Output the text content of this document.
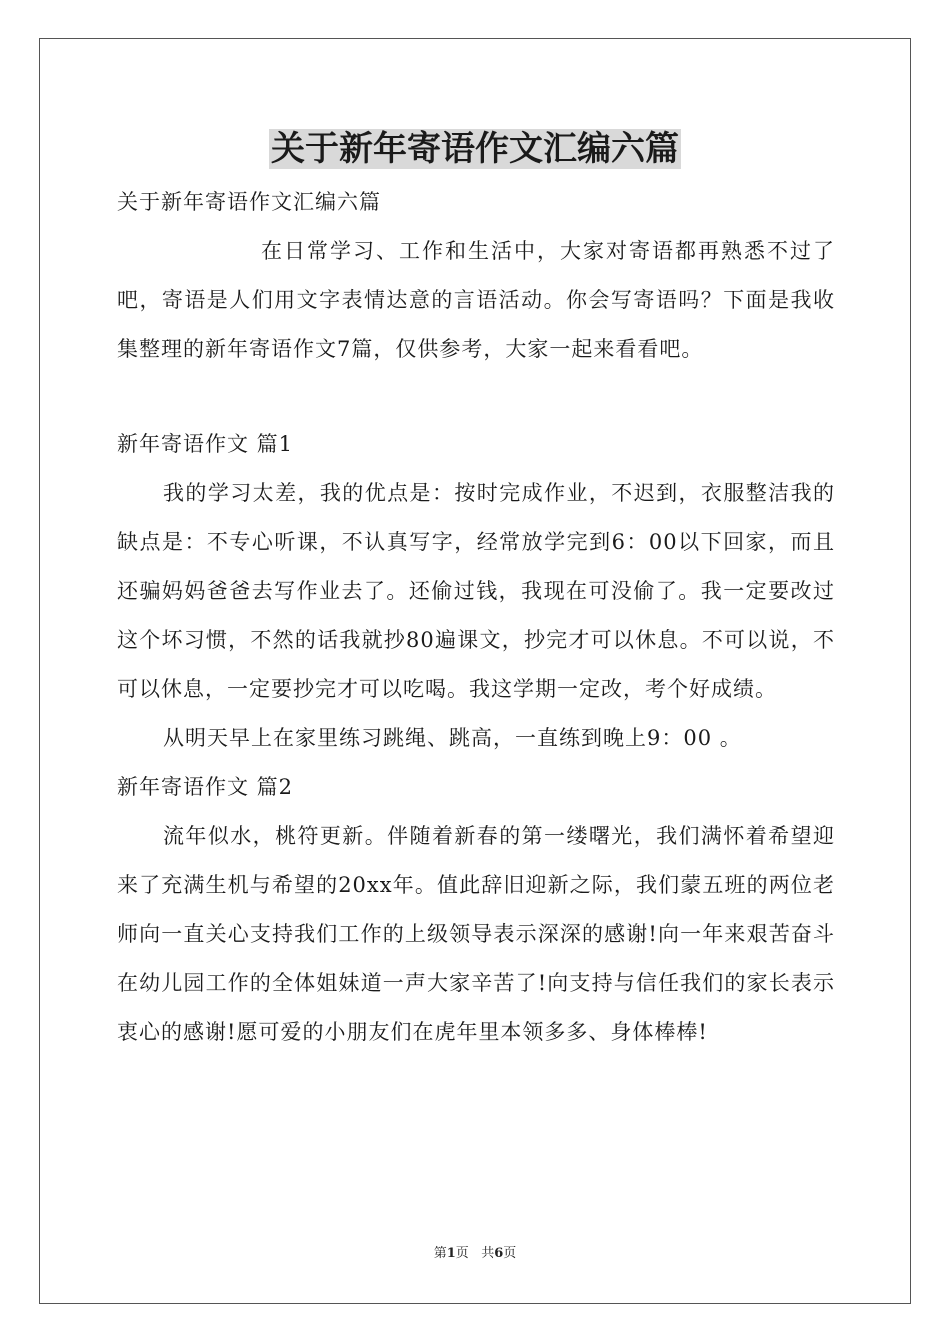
关于新年寄语作文汇编六篇

关于新年寄语作文汇编六篇

在日常学习、工作和生活中，大家对寄语都再熟悉不过了吧，寄语是人们用文字表情达意的言语活动。你会写寄语吗？下面是我收集整理的新年寄语作文7篇，仅供参考，大家一起来看看吧。

新年寄语作文 篇1

我的学习太差，我的优点是：按时完成作业，不迟到，衣服整洁我的缺点是：不专心听课，不认真写字，经常放学完到6：00以下回家，而且还骗妈妈爸爸去写作业去了。还偷过钱，我现在可没偷了。我一定要改过这个坏习惯，不然的话我就抄80遍课文，抄完才可以休息。不可以说，不可以休息，一定要抄完才可以吃喝。我这学期一定改，考个好成绩。

从明天早上在家里练习跳绳、跳高，一直练到晚上9：00 。

新年寄语作文 篇2

流年似水，桃符更新。伴随着新春的第一缕曙光，我们满怀着希望迎来了充满生机与希望的20xx年。值此辞旧迎新之际，我们蒙五班的两位老师向一直关心支持我们工作的上级领导表示深深的感谢!向一年来艰苦奋斗在幼儿园工作的全体姐妹道一声大家辛苦了!向支持与信任我们的家长表示衷心的感谢!愿可爱的小朋友们在虎年里本领多多、身体棒棒!

第1页 共6页
